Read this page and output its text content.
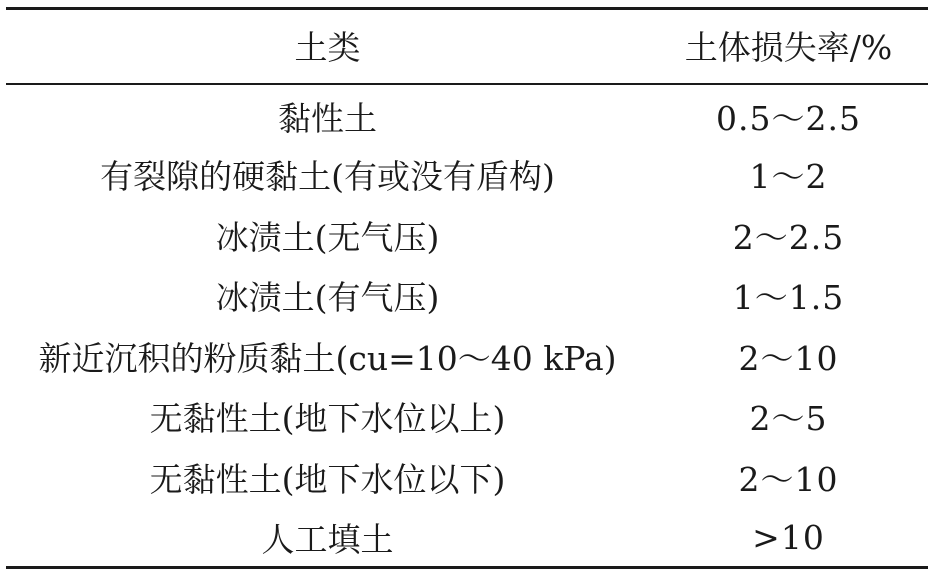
土类	土体损失率/%
黏性土	0.5～2.5
有裂隙的硬黏土(有或没有盾构)	1～2
冰渍土(无气压)	2～2.5
冰渍土(有气压)	1～1.5
新近沉积的粉质黏土(cu=10～40 kPa)	2～10
无黏性土(地下水位以上)	2～5
无黏性土(地下水位以下)	2～10
人工填土	>10
